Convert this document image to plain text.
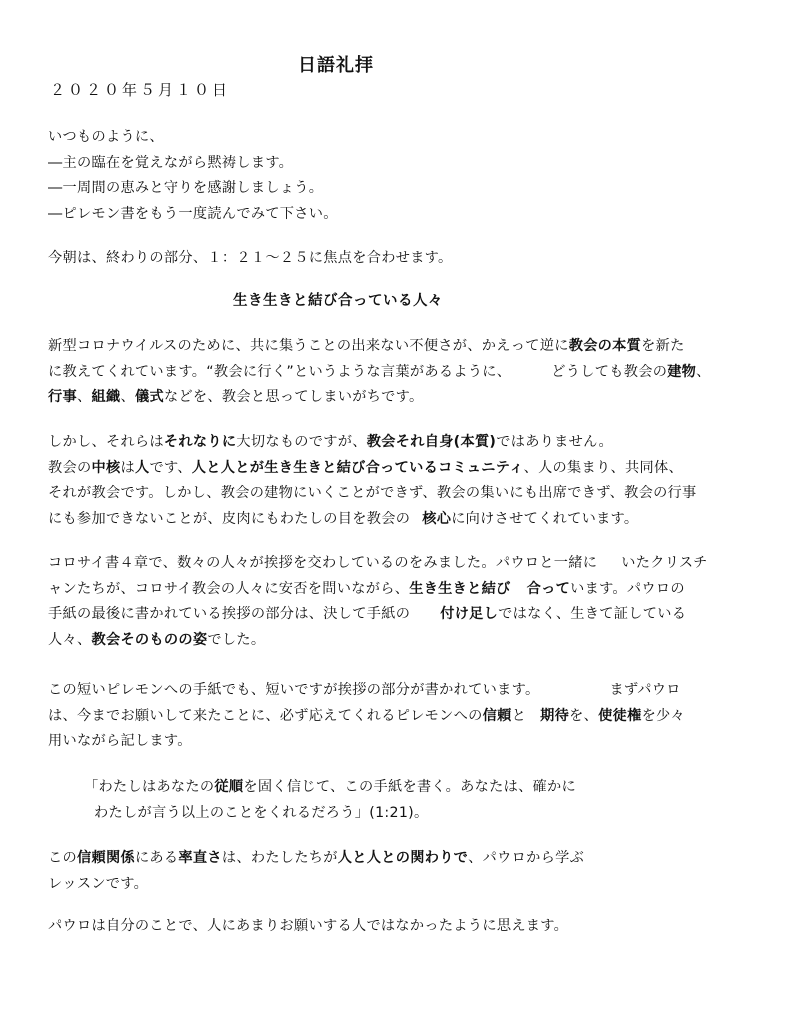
日語礼拝
２０２０年５月１０日
いつものように、
―主の臨在を覚えながら黙祷します。
―一周間の恵みと守りを感謝しましょう。
―ピレモン書をもう一度読んでみて下さい。
今朝は、終わりの部分、１：２１～２５に焦点を合わせます。
生き生きと結び合っている人々
新型コロナウイルスのために、共に集うことの出来ない不便さが、かえって逆に教会の本質を新た
に教えてくれています。“教会に行く”というような言葉があるように、	どうしても教会の建物、
行事、組織、儀式などを、教会と思ってしまいがちです。
しかし、それらはそれなりに大切なものですが、教会それ自身(本質)ではありません。
教会の中核は人です、人と人とが生き生きと結び合っているコミュニティ、人の集まり、共同体、
それが教会です。しかし、教会の建物にいくことができず、教会の集いにも出席できず、教会の行事
にも参加できないことが、皮肉にもわたしの目を教会の 核心に向けさせてくれています。
コロサイ書４章で、数々の人々が挨拶を交わしているのをみました。パウロと一緒に いたクリスチ
ャンたちが、コロサイ教会の人々に安否を問いながら、生き生きと結び 合っています。パウロの
手紙の最後に書かれている挨拶の部分は、決して手紙の 付け足しではなく、生きて証している
人々、教会そのものの姿でした。
この短いピレモンへの手紙でも、短いですが挨拶の部分が書かれています。	まずパウロ
は、今までお願いして来たことに、必ず応えてくれるピレモンへの信頼と 期待を、使徒権を少々
用いながら記します。
「わたしはあなたの従順を固く信じて、この手紙を書く。あなたは、確かに
わたしが言う以上のことをくれるだろう」(1:21)。
この信頼関係にある率直さは、わたしたちが人と人との関わりで、パウロから学ぶ
レッスンです。
パウロは自分のことで、人にあまりお願いする人ではなかったように思えます。
